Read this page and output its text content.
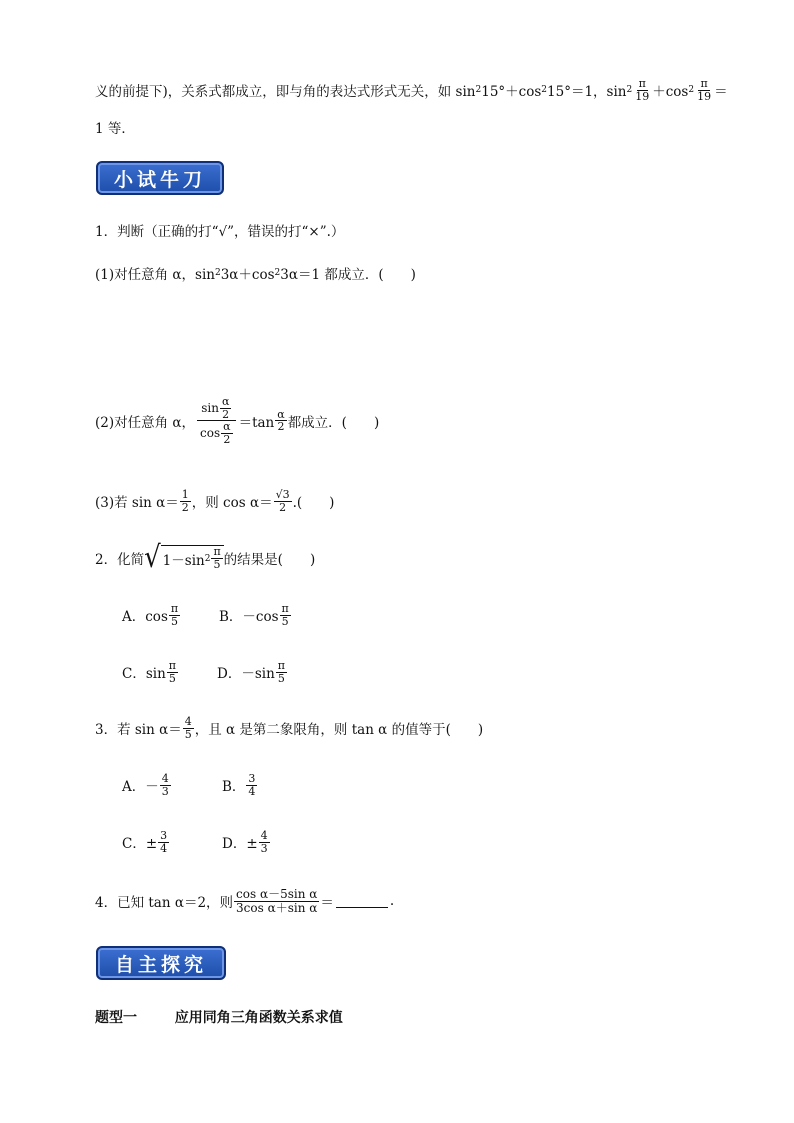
义的前提下)，关系式都成立，即与角的表达式形式无关，如 sin 2 15°＋cos 2 15°＝1，$\sin 2 \frac{\pi}{19} +\cos$ $2 \frac{\pi}{19}$ ＝
1 等．
小试牛刀
1．判断（正确的打“√”，错误的打“×”.）
(1)对任意角 α，sin 2 3α＋cos 2 3α＝1 都成立．(　　)
(2)对任意角 α， $\frac{\sin \frac{\alpha}{2}}{\cos \frac{\alpha}{2}} =\tan \frac{\alpha}{2}$ 都成立．(　　)
(3)若 $\sin \alpha= \frac{1}{2}$ ，则 $\cos \alpha= \frac{√3}{2}$ .(　　)
2．化简 √ 1－sin $2 \frac{\pi}{5}$ 的结果是(　　)
A．$\cos \frac{\pi}{5}$	B．$-\cos \frac{\pi}{5}$
C．$\sin \frac{\pi}{5}$	D．$-\sin \frac{\pi}{5}$
3．若 $\sin \alpha= \frac{4}{5}$ ，且 α 是第二象限角，则 tan α 的值等于(　　)
A．－ $\frac{4}{3}$	B． $\frac{3}{4}$
C．± $\frac{3}{4}$	D．± $\frac{4}{3}$
4．已知 tan α＝2，则 $\frac{\text{cos α－5sin α}}{\text{3cos α＋sin α}}$ ＝	.
自主探究
题型一	应用同角三角函数关系求值
